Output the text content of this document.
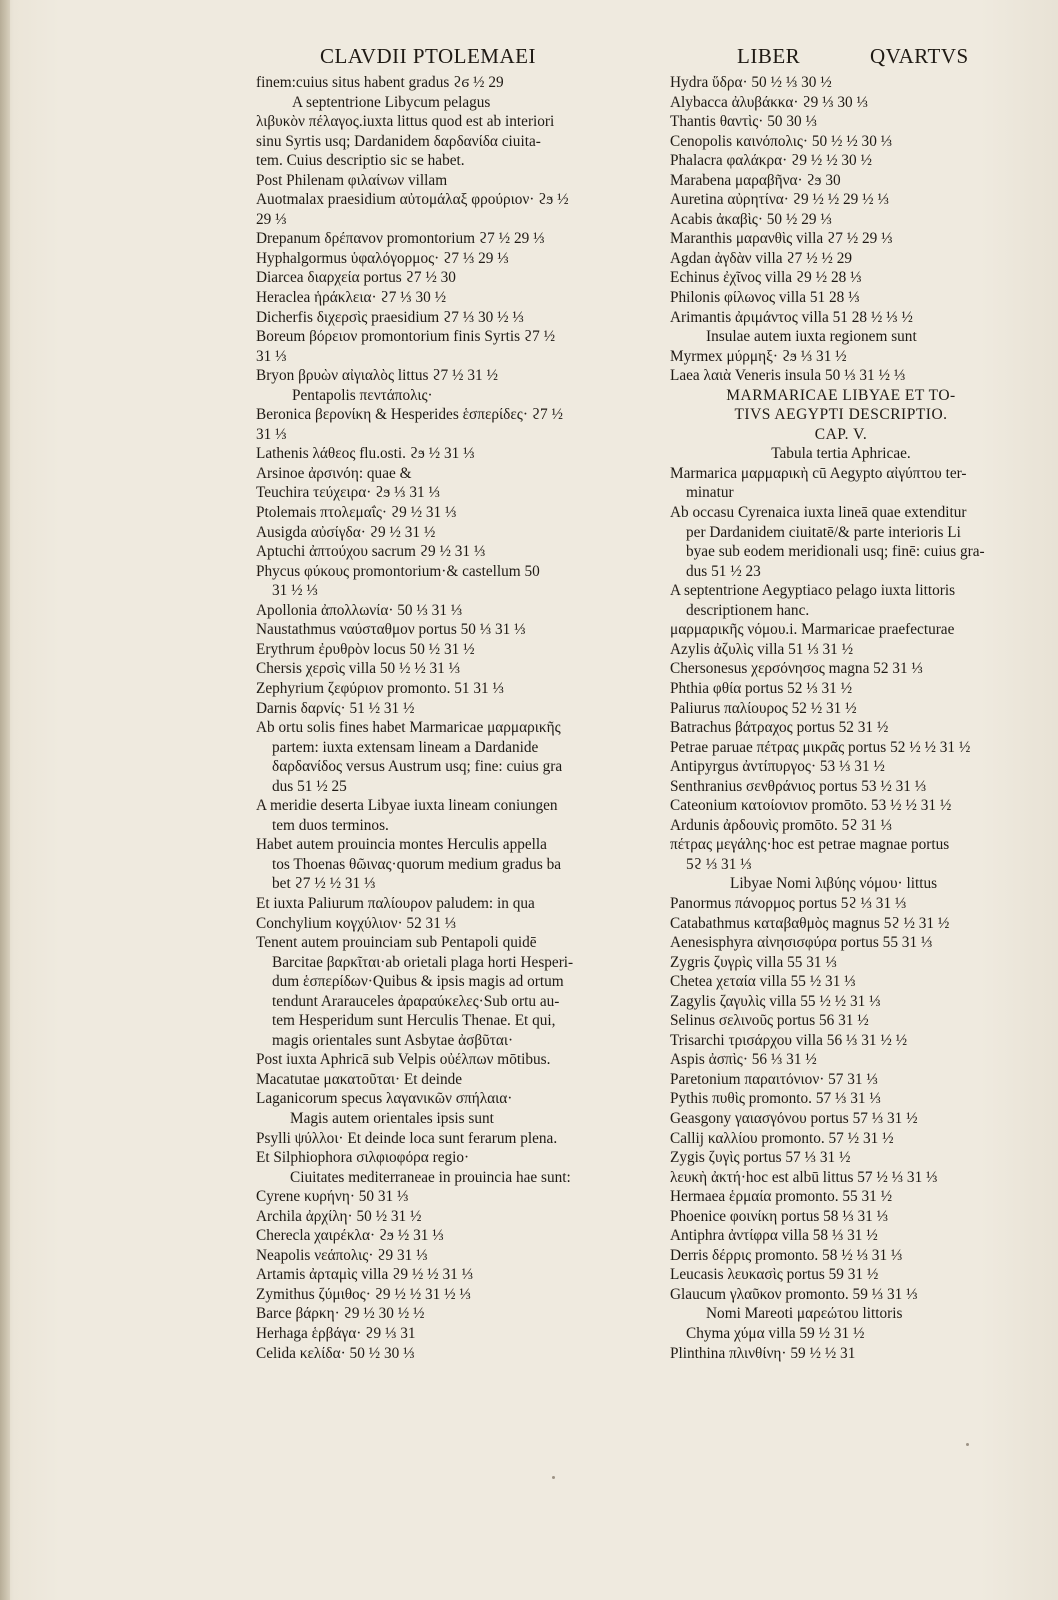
CLAVDII PTOLEMAEI	LIBER	QVARTVS
finem:cuius situs habent gradus ϩϭ ½ 29
A septentrione Libycum pelagus
λιβυκὸν πέλαγος.iuxta littus quod est ab interiori
sinu Syrtis usq; Dardanidem δαρδανίδα ciuita-
tem. Cuius descriptio sic se habet.
Post Philenam φιλαίνων villam
Auotmalax praesidium αὐτομάλαξ φρούριον· ϩϧ ½
29 ⅓
Drepanum δρέπανον promontorium ϩ7 ½ 29 ⅓
Hyphalgormus ὑφαλόγορμος· ϩ7 ⅓ 29 ⅓
Diarcea διαρχεία portus ϩ7 ½ 30
Heraclea ἡράκλεια· ϩ7 ⅓ 30 ½
Dicherfis διχερσὶς praesidium ϩ7 ⅓ 30 ½ ⅓
Boreum βόρειον promontorium finis Syrtis ϩ7 ½
31 ⅓
Bryon βρυὼν αἰγιαλὸς littus ϩ7 ½ 31 ½
Pentapolis πεντάπολις·
Beronica βερονίκη & Hesperides ἑσπερίδες· ϩ7 ½
31 ⅓
Lathenis λάθεος flu.osti. ϩϧ ½ 31 ⅓
Arsinoe ἀρσινόη: quae &
Teuchira τεύχειρα· ϩϧ ⅓ 31 ⅓
Ptolemais πτολεμαΐς· ϩ9 ½ 31 ⅓
Ausigda αὐσίγδα· ϩ9 ½ 31 ½
Aptuchi ἀπτούχου sacrum ϩ9 ½ 31 ⅓
Phycus φύκους promontorium·& castellum 50
31 ½ ⅓
Apollonia ἀπολλωνία· 50 ⅓ 31 ⅓
Naustathmus ναύσταθμον portus 50 ⅓ 31 ⅓
Erythrum ἐρυθρὸν locus 50 ½ 31 ½
Chersis χερσὶς villa 50 ½ ½ 31 ⅓
Zephyrium ζεφύριον promonto. 51 31 ⅓
Darnis δαρνίς· 51 ½ 31 ½
Ab ortu solis fines habet Marmaricae μαρμαρικῆς
partem: iuxta extensam lineam a Dardanide
δαρδανίδος versus Austrum usq; fine: cuius gra
dus 51 ½ 25
A meridie deserta Libyae iuxta lineam coniungen
tem duos terminos.
Habet autem prouincia montes Herculis appella
tos Thoenas θῶινας·quorum medium gradus ba
bet ϩ7 ½ ½ 31 ⅓
Et iuxta Paliurum παλίουρον paludem: in qua
Conchylium κογχύλιον· 52 31 ⅓
Tenent autem prouinciam sub Pentapoli quidē
Barcitae βαρκῖται·ab orietali plaga horti Hesperi-
dum ἑσπερίδων·Quibus & ipsis magis ad ortum
tendunt Ararauceles ἀραραύκελες·Sub ortu au-
tem Hesperidum sunt Herculis Thenae. Et qui,
magis orientales sunt Asbytae ἀσβῦται·
Post iuxta Aphricā sub Velpis οὐέλπων mōtibus.
Macatutae μακατοῦται· Et deinde
Laganicorum specus λαγανικῶν σπήλαια·
Magis autem orientales ipsis sunt
Psylli ψύλλοι· Et deinde loca sunt ferarum plena.
Et Silphiophora σιλφιοφόρα regio·
Ciuitates mediterraneae in prouincia hae sunt:
Cyrene κυρήνη· 50 31 ⅓
Archila ἀρχίλη· 50 ½ 31 ½
Cherecla χαιρέκλα· ϩϧ ½ 31 ⅓
Neapolis νεάπολις· ϩ9 31 ⅓
Artamis ἀρταμὶς villa ϩ9 ½ ½ 31 ⅓
Zymithus ζύμιθος· ϩ9 ½ ½ 31 ½ ⅓
Barce βάρκη· ϩ9 ½ 30 ½ ½
Herhaga ἑρβάγα· ϩ9 ⅓ 31
Celida κελίδα· 50 ½ 30 ⅓
Hydra ὕδρα· 50 ½ ⅓ 30 ½
Alybacca ἀλυβάκκα· ϩ9 ⅓ 30 ⅓
Thantis θαντὶς· 50 30 ⅓
Cenopolis καινόπολις· 50 ½ ½ 30 ⅓
Phalacra φαλάκρα· ϩ9 ½ ½ 30 ½
Marabena μαραβῆνα· ϩϧ 30
Auretina αὐρητίνα· ϩ9 ½ ½ 29 ½ ⅓
Acabis ἀκαβὶς· 50 ½ 29 ⅓
Maranthis μαρανθὶς villa ϩ7 ½ 29 ⅓
Agdan ἀγδὰν villa ϩ7 ½ ½ 29
Echinus ἐχῖνος villa ϩ9 ½ 28 ⅓
Philonis φίλωνος villa 51 28 ⅓
Arimantis ἀριμάντος villa 51 28 ½ ⅓ ½
Insulae autem iuxta regionem sunt
Myrmex μύρμηξ· ϩϧ ⅓ 31 ½
Laea λαιὰ Veneris insula 50 ⅓ 31 ½ ⅓
MARMARICAE LIBYAE ET TO-
TIVS AEGYPTI DESCRIPTIO.
CAP. V.
Tabula tertia Aphricae.
Marmarica μαρμαρικὴ cū Aegypto αἰγύπτου ter-
minatur
Ab occasu Cyrenaica iuxta lineā quae extenditur
per Dardanidem ciuitatē/& parte interioris Li
byae sub eodem meridionali usq; finē: cuius gra-
dus 51 ½ 23
A septentrione Aegyptiaco pelago iuxta littoris
descriptionem hanc.
μαρμαρικῆς νόμου.i. Marmaricae praefecturae
Azylis ἀζυλὶς villa 51 ⅓ 31 ½
Chersonesus χερσόνησος magna 52 31 ⅓
Phthia φθία portus 52 ⅓ 31 ½
Paliurus παλίουρος 52 ½ 31 ½
Batrachus βάτραχος portus 52 31 ½
Petrae paruae πέτρας μικρᾶς portus 52 ½ ½ 31 ½
Antipyrgus ἀντίπυργος· 53 ⅓ 31 ½
Senthranius σενθράνιος portus 53 ½ 31 ⅓
Cateonium κατοίονιον promōto. 53 ½ ½ 31 ½
Ardunis ἀρδουνὶς promōto. 5ϩ 31 ⅓
πέτρας μεγάλης·hoc est petrae magnae portus
5ϩ ⅓ 31 ⅓
Libyae Nomi λιβύης νόμου· littus
Panormus πάνορμος portus 5ϩ ⅓ 31 ⅓
Catabathmus καταβαθμὸς magnus 5ϩ ½ 31 ½
Aenesisphyra αἰνησισφύρα portus 55 31 ⅓
Zygris ζυγρὶς villa 55 31 ⅓
Chetea χεταία villa 55 ½ 31 ⅓
Zagylis ζαγυλὶς villa 55 ½ ½ 31 ⅓
Selinus σελινοῦς portus 56 31 ½
Trisarchi τρισάρχου villa 56 ⅓ 31 ½ ½
Aspis ἀσπὶς· 56 ⅓ 31 ½
Paretonium παραιτόνιον· 57 31 ⅓
Pythis πυθὶς promonto. 57 ⅓ 31 ⅓
Geasgony γαιασγόνου portus 57 ⅓ 31 ½
Callij καλλίου promonto. 57 ½ 31 ½
Zygis ζυγὶς portus 57 ⅓ 31 ½
λευκὴ ἀκτή·hoc est albū littus 57 ½ ⅓ 31 ⅓
Hermaea ἑρμαία promonto. 55 31 ½
Phoenice φοινίκη portus 58 ⅓ 31 ⅓
Antiphra ἀντίφρα villa 58 ⅓ 31 ½
Derris δέρρις promonto. 58 ½ ⅓ 31 ⅓
Leucasis λευκασὶς portus 59 31 ½
Glaucum γλαῦκον promonto. 59 ⅓ 31 ⅓
Nomi Mareoti μαρεώτου littoris
Chyma χύμα villa 59 ½ 31 ½
Plinthina πλινθίνη· 59 ½ ½ 31
